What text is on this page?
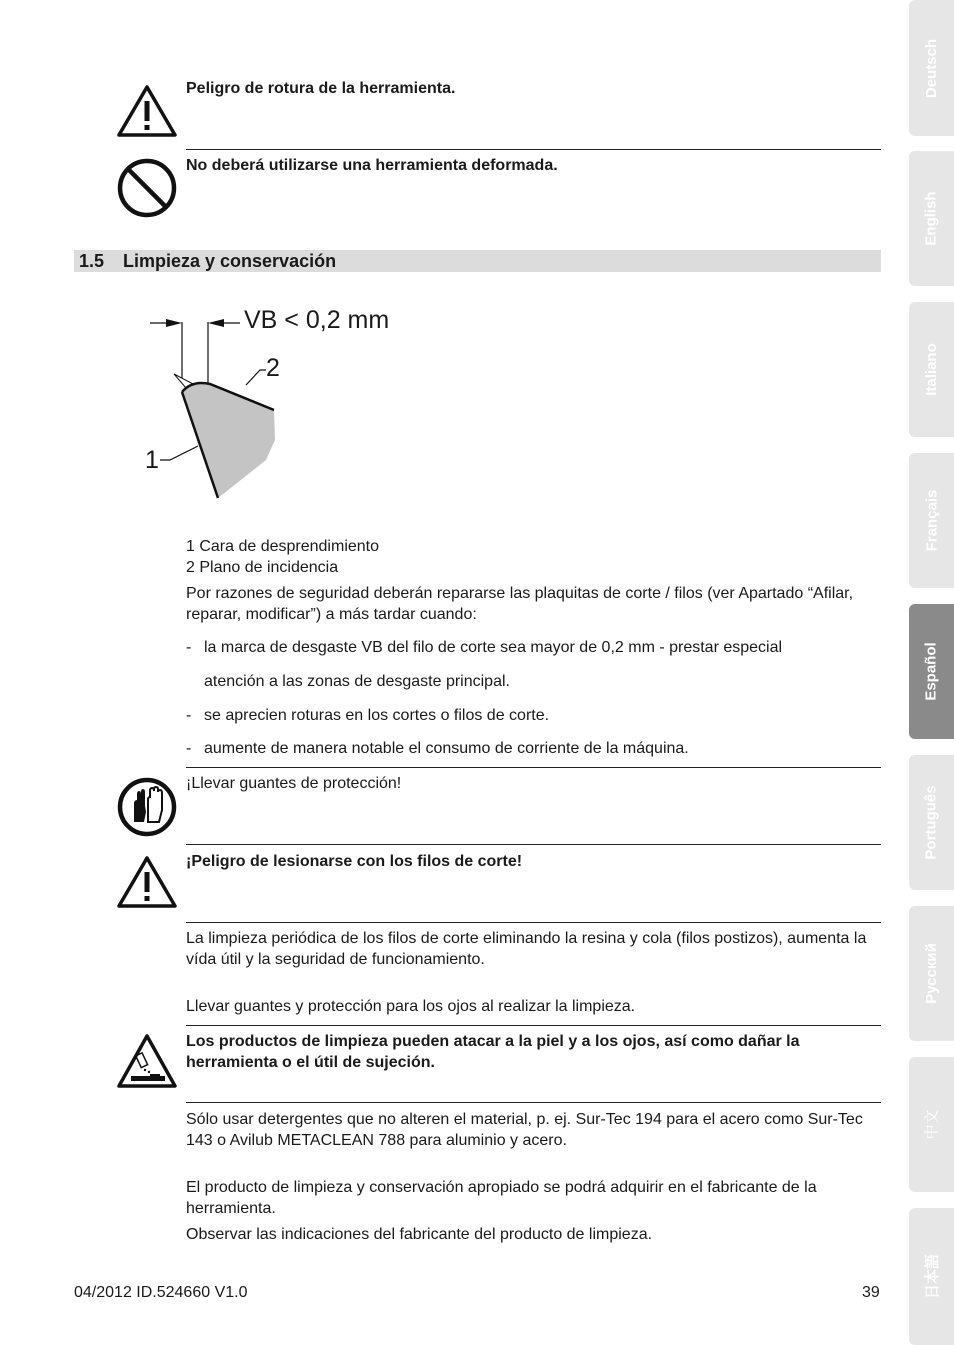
Deutsch
English
Italiano
Français
Español
Português
Русский
中文
日本語

Peligro de rotura de la herramienta.

No deberá utilizarse una herramienta deformada.

1.5 Limpieza y conservación
VB < 0,2 mm
2
1

1 Cara de desprendimiento

2 Plano de incidencia

Por razones de seguridad deberán repararse las plaquitas de corte / filos (ver Apartado “Afilar, reparar, modificar”) a más tardar cuando:

- la marca de desgaste VB del filo de corte sea mayor de 0,2 mm - prestar especial

atención a las zonas de desgaste principal.

- se aprecien roturas en los cortes o filos de corte.

- aumente de manera notable el consumo de corriente de la máquina.

¡Llevar guantes de protección!

¡Peligro de lesionarse con los filos de corte!

La limpieza periódica de los filos de corte eliminando la resina y cola (filos postizos), aumenta la vída útil y la seguridad de funcionamiento.

Llevar guantes y protección para los ojos al realizar la limpieza.

Los productos de limpieza pueden atacar a la piel y a los ojos, así como dañar la herramienta o el útil de sujeción.

Sólo usar detergentes que no alteren el material, p. ej. Sur-Tec 194 para el acero como Sur-Tec 143 o Avilub METACLEAN 788 para aluminio y acero.

El producto de limpieza y conservación apropiado se podrá adquirir en el fabricante de la herramienta.

Observar las indicaciones del fabricante del producto de limpieza.

04/2012 ID.524660 V1.0	39
